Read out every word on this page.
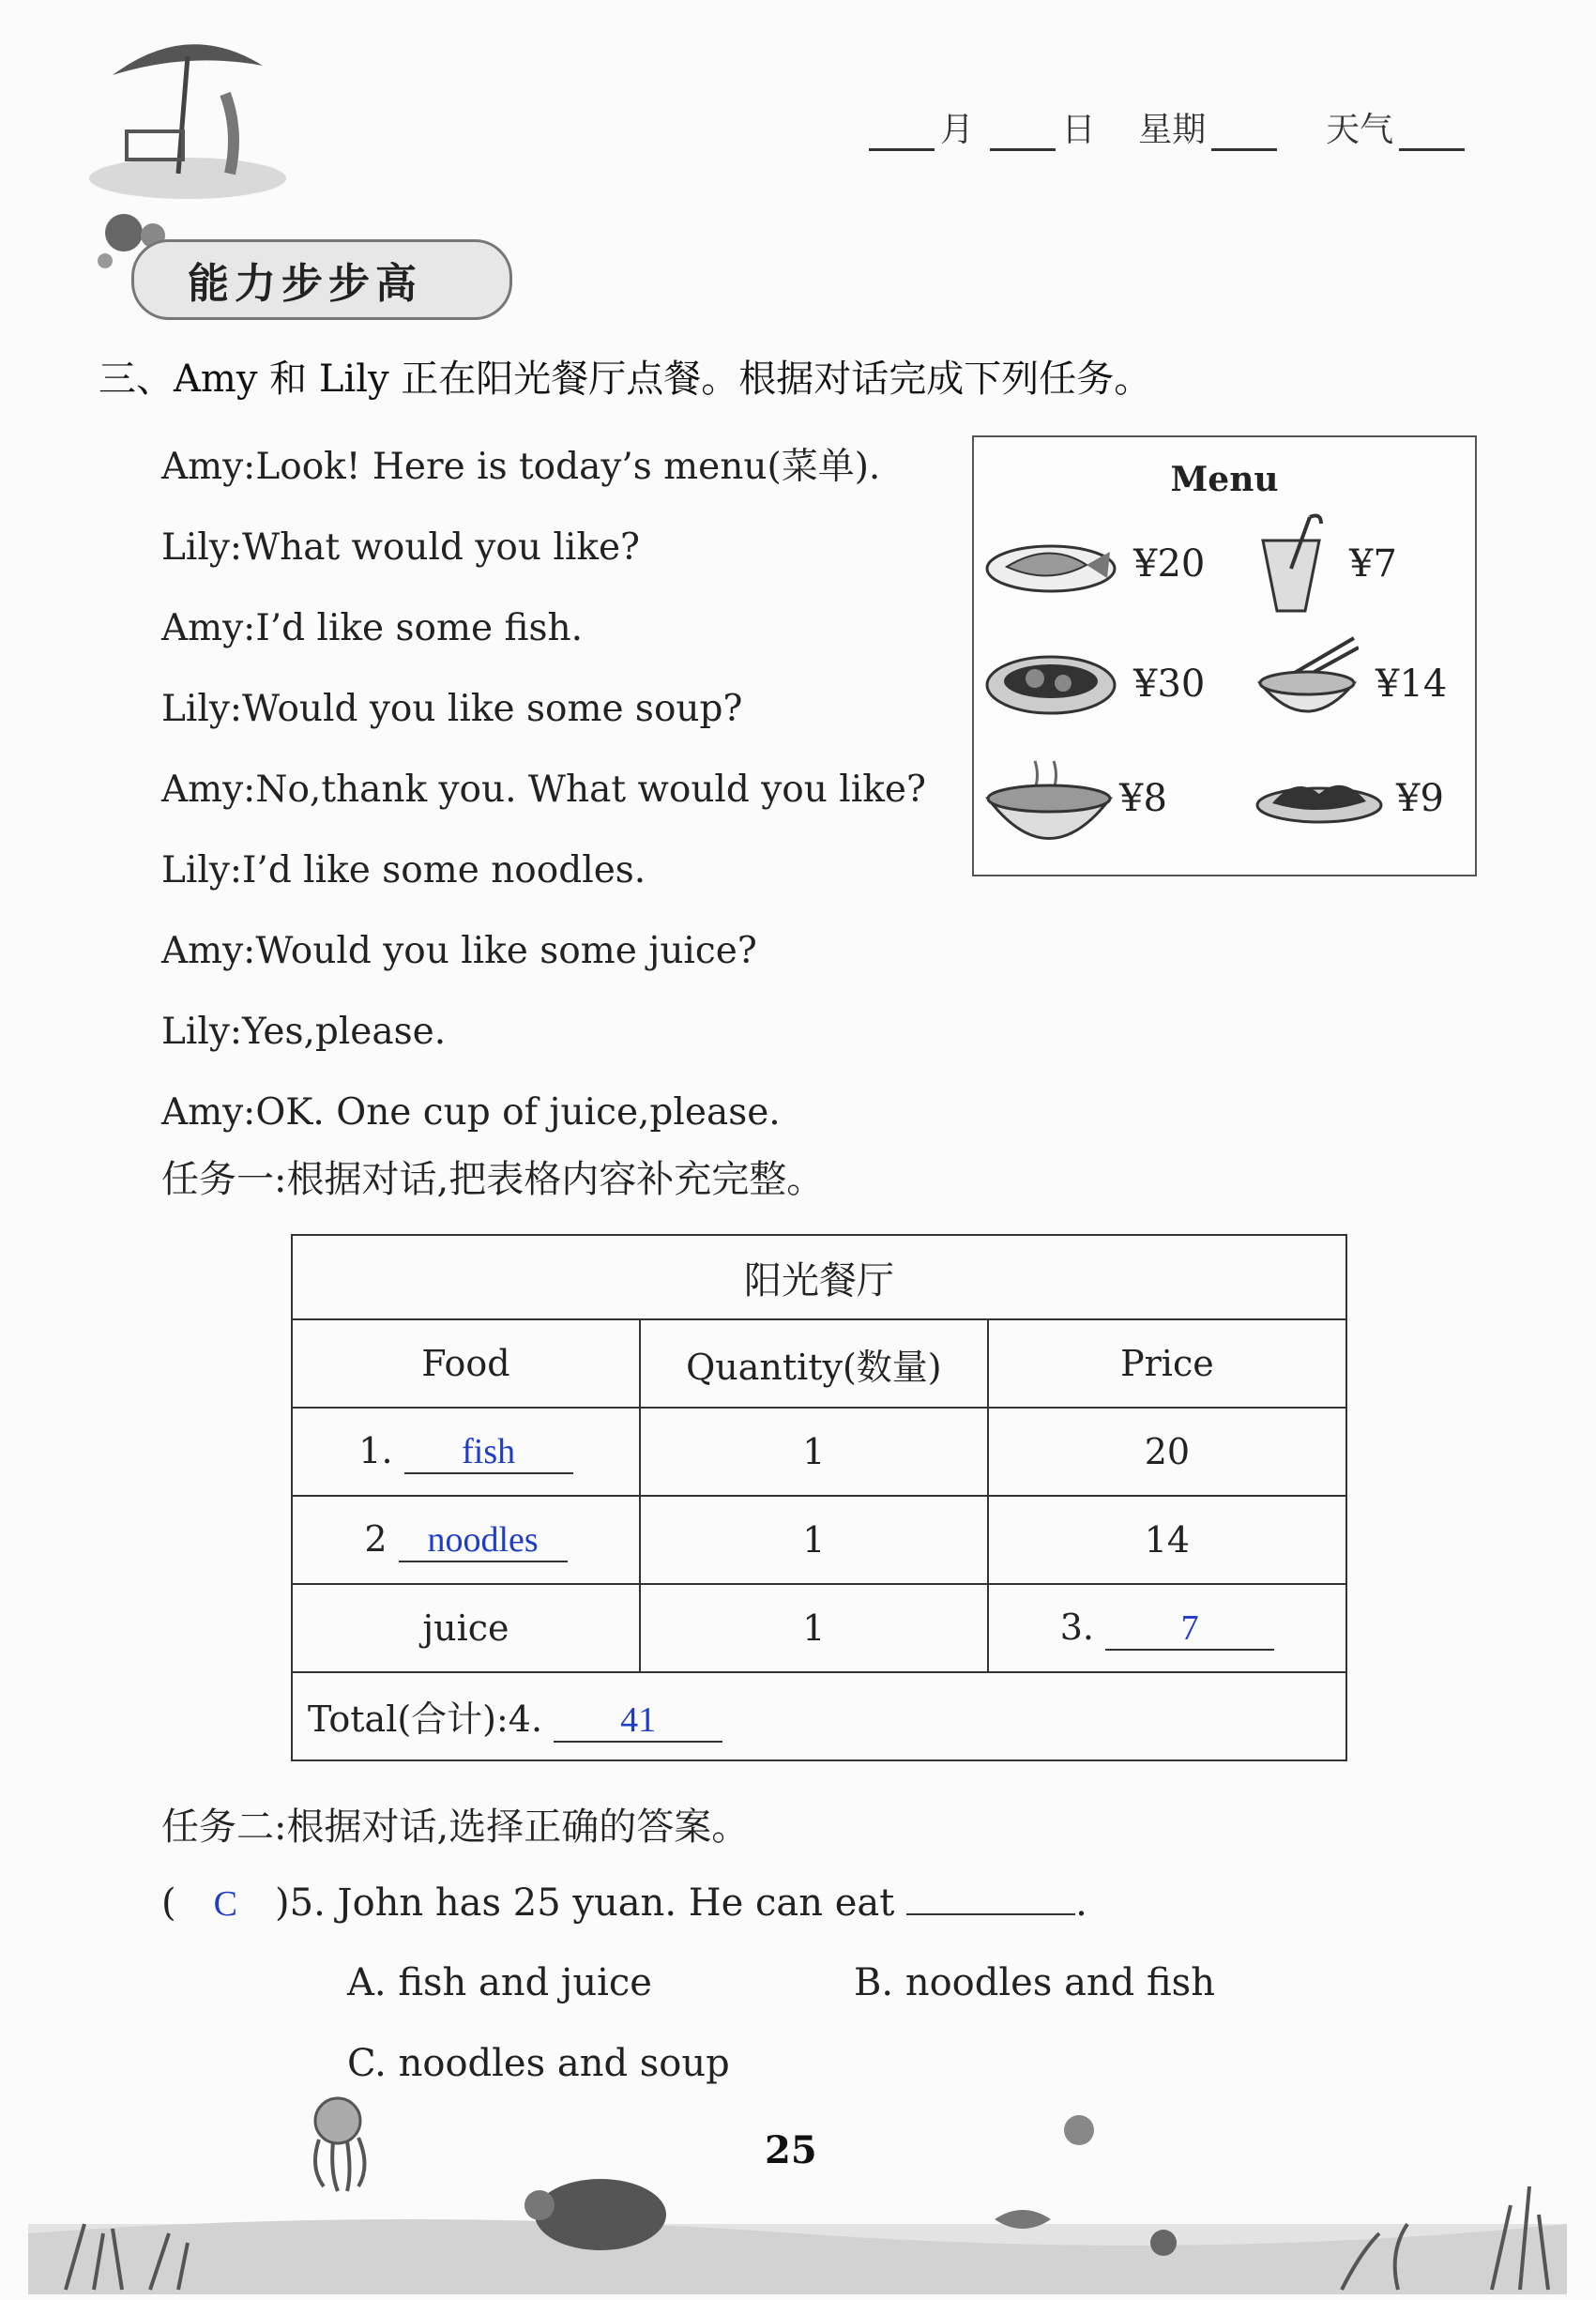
月	日 星期	天气
能力步步高
三、Amy 和 Lily 正在阳光餐厅点餐。根据对话完成下列任务。
Amy:Look! Here is today’s menu(菜单).
Lily:What would you like?
Amy:I’d like some fish.
Lily:Would you like some soup?
Amy:No,thank you. What would you like?
Lily:I’d like some noodles.
Amy:Would you like some juice?
Lily:Yes,please.
Amy:OK. One cup of juice,please.
Menu
¥20	¥7
¥30	¥14
¥8	¥9
任务一:根据对话,把表格内容补充完整。
阳光餐厅		
Food	Quantity(数量)	Price
1. fish	1	20
2 noodles	1	14
juice	1	3. 7
Total(合计):4. 41		
任务二:根据对话,选择正确的答案。
( C )5. John has 25 yuan. He can eat	.
A. fish and juice	B. noodles and fish
C. noodles and soup
25
